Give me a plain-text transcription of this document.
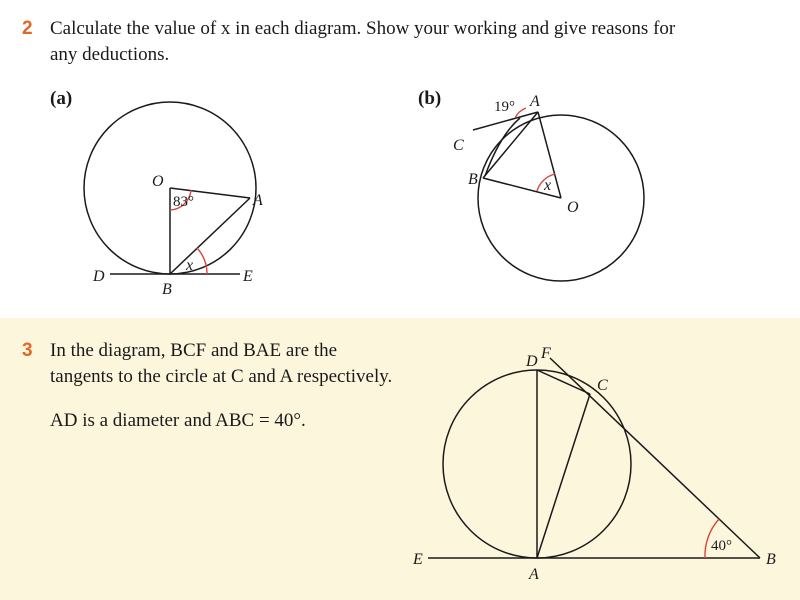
2 Calculate the value of x in each diagram. Show your working and give reasons for
any deductions.
(a)	(b)
O
83°	A
x
D	E
B
19° A
C
B	x
O
3 In the diagram, BCF and BAE are the
tangents to the circle at C and A respectively.
AD is a diameter and ABC = 40°.
D F
C
40°
E	B
A
